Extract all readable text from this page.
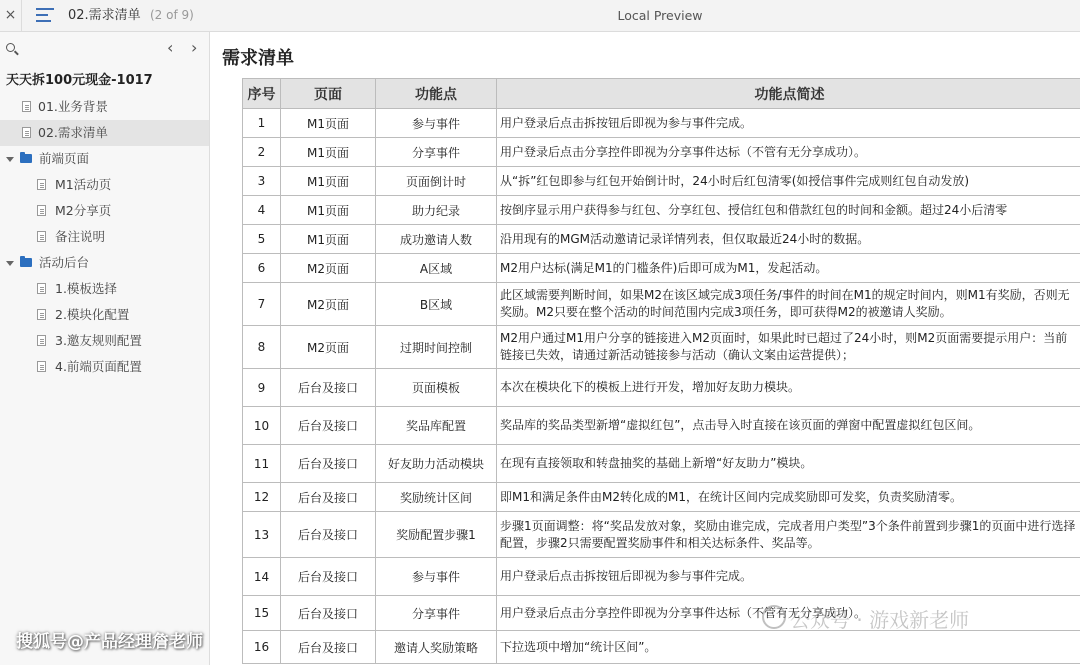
×	02.需求清单 (2 of 9)	Local Preview
‹ ›
天天拆100元现金-1017
01.业务背景
02.需求清单
前端页面
M1活动页
M2分享页
备注说明
活动后台
1.模板选择
2.模块化配置
3.邀友规则配置
4.前端页面配置
需求清单
序号	页面	功能点	功能点简述
1	M1页面	参与事件	用户登录后点击拆按钮后即视为参与事件完成。
2	M1页面	分享事件	用户登录后点击分享控件即视为分享事件达标（不管有无分享成功）。
3	M1页面	页面倒计时	从“拆”红包即参与红包开始倒计时，24小时后红包清零(如授信事件完成则红包自动发放)
4	M1页面	助力纪录	按倒序显示用户获得参与红包、分享红包、授信红包和借款红包的时间和金额。超过24小后清零
5	M1页面	成功邀请人数	沿用现有的MGM活动邀请记录详情列表，但仅取最近24小时的数据。
6	M2页面	A区域	M2用户达标(满足M1的门槛条件)后即可成为M1，发起活动。
7	M2页面	B区域	此区域需要判断时间，如果M2在该区域完成3项任务/事件的时间在M1的规定时间内，则M1有奖励，否则无奖励。M2只要在整个活动的时间范围内完成3项任务，即可获得M2的被邀请人奖励。
8	M2页面	过期时间控制	M2用户通过M1用户分享的链接进入M2页面时，如果此时已超过了24小时，则M2页面需要提示用户：当前链接已失效，请通过新活动链接参与活动（确认文案由运营提供）；
9	后台及接口	页面模板	本次在模块化下的模板上进行开发，增加好友助力模块。
10	后台及接口	奖品库配置	奖品库的奖品类型新增“虚拟红包”，点击导入时直接在该页面的弹窗中配置虚拟红包区间。
11	后台及接口	好友助力活动模块	在现有直接领取和转盘抽奖的基础上新增“好友助力”模块。
12	后台及接口	奖励统计区间	即M1和满足条件由M2转化成的M1，在统计区间内完成奖励即可发奖，负责奖励清零。
13	后台及接口	奖励配置步骤1	步骤1页面调整：将“奖品发放对象，奖励由谁完成，完成者用户类型”3个条件前置到步骤1的页面中进行选择配置，步骤2只需要配置奖励事件和相关达标条件、奖品等。
14	后台及接口	参与事件	用户登录后点击拆按钮后即视为参与事件完成。
15	后台及接口	分享事件	用户登录后点击分享控件即视为分享事件达标（不管有无分享成功）。
16	后台及接口	邀请人奖励策略	下拉选项中增加“统计区间”。
搜狐号@产品经理詹老师
公众号 · 游戏新老师
